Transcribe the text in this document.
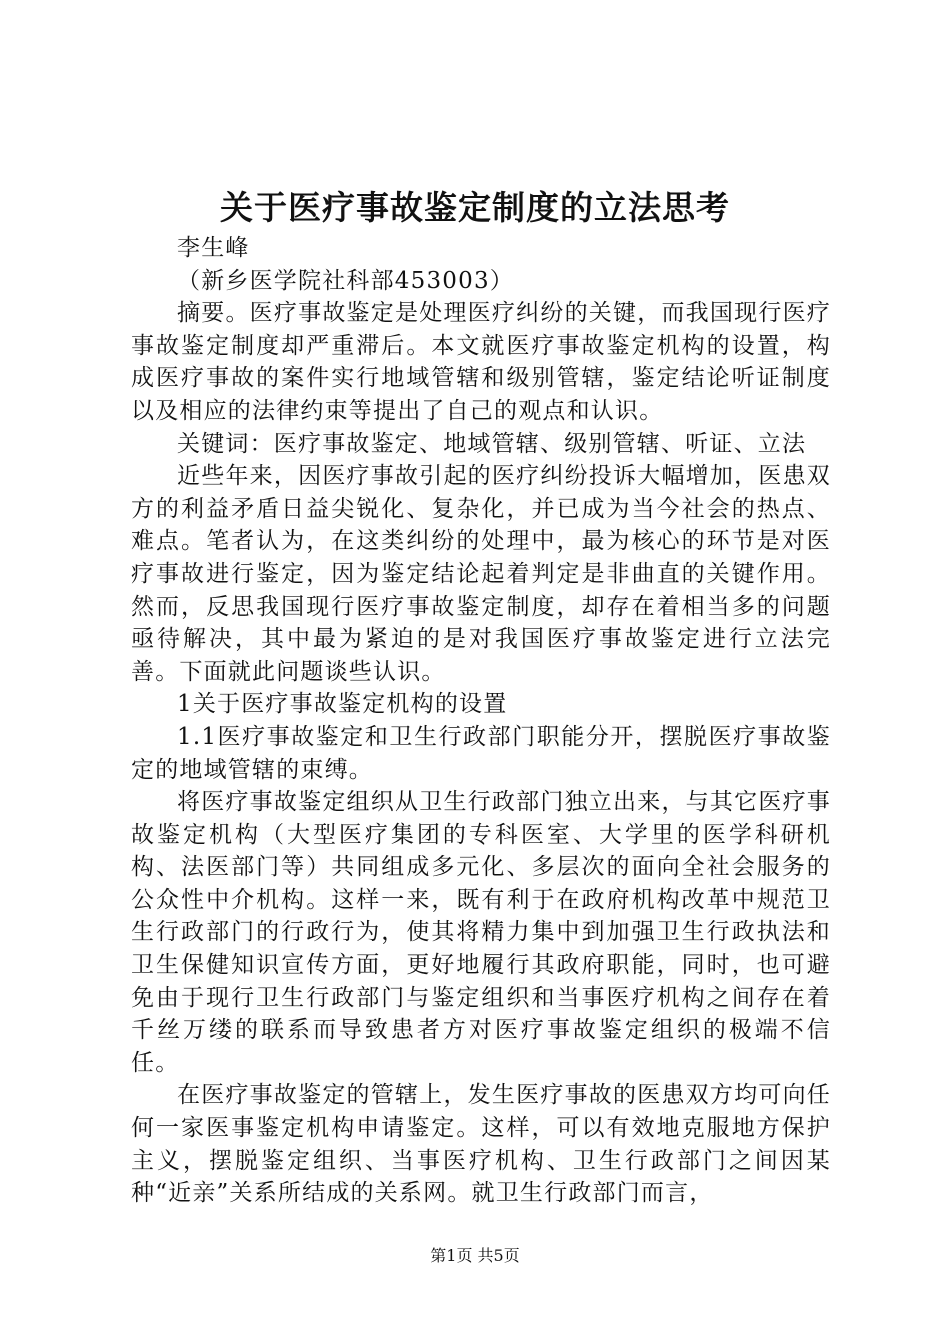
关于医疗事故鉴定制度的立法思考

李生峰

（新乡医学院社科部453003）

摘要。医疗事故鉴定是处理医疗纠纷的关键，而我国现行医疗事故鉴定制度却严重滞后。本文就医疗事故鉴定机构的设置，构成医疗事故的案件实行地域管辖和级别管辖，鉴定结论听证制度以及相应的法律约束等提出了自己的观点和认识。

关键词：医疗事故鉴定、地域管辖、级别管辖、听证、立法

近些年来，因医疗事故引起的医疗纠纷投诉大幅增加，医患双方的利益矛盾日益尖锐化、复杂化，并已成为当今社会的热点、难点。笔者认为，在这类纠纷的处理中，最为核心的环节是对医疗事故进行鉴定，因为鉴定结论起着判定是非曲直的关键作用。然而，反思我国现行医疗事故鉴定制度，却存在着相当多的问题亟待解决，其中最为紧迫的是对我国医疗事故鉴定进行立法完善。下面就此问题谈些认识。

1关于医疗事故鉴定机构的设置

1.1医疗事故鉴定和卫生行政部门职能分开，摆脱医疗事故鉴定的地域管辖的束缚。

将医疗事故鉴定组织从卫生行政部门独立出来，与其它医疗事故鉴定机构（大型医疗集团的专科医室、大学里的医学科研机构、法医部门等）共同组成多元化、多层次的面向全社会服务的公众性中介机构。这样一来，既有利于在政府机构改革中规范卫生行政部门的行政行为，使其将精力集中到加强卫生行政执法和卫生保健知识宣传方面，更好地履行其政府职能，同时，也可避免由于现行卫生行政部门与鉴定组织和当事医疗机构之间存在着千丝万缕的联系而导致患者方对医疗事故鉴定组织的极端不信任。

在医疗事故鉴定的管辖上，发生医疗事故的医患双方均可向任何一家医事鉴定机构申请鉴定。这样，可以有效地克服地方保护主义，摆脱鉴定组织、当事医疗机构、卫生行政部门之间因某种“近亲”关系所结成的关系网。就卫生行政部门而言，

第1页 共5页
